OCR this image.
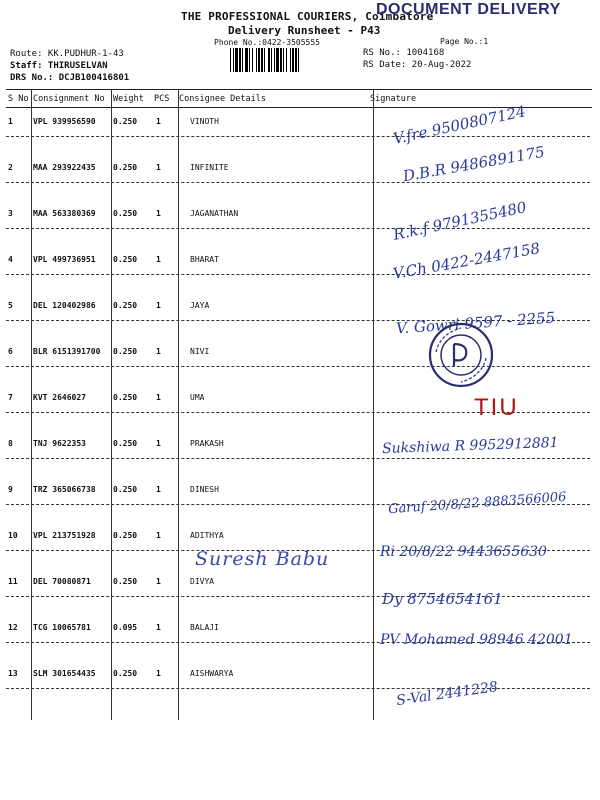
THE PROFESSIONAL COURIERS, Coimbatore
DOCUMENT DELIVERY
Delivery Runsheet - P43
Phone No.:0422-3505555	Page No.:1
Route: KK.PUDHUR-1-43
Staff: THIRUSELVAN
DRS No.: DCJB100416801
RS No.: 1004168
RS Date: 20-Aug-2022
S No Consignment No Weight PCS Consignee Details	Signature
1	VPL 939956590 0.250 1	VINOTH
2	MAA 293922435 0.250 1	INFINITE
3	MAA 563380369 0.250 1	JAGANATHAN
4	VPL 499736951 0.250 1	BHARAT
5	DEL 120402986 0.250 1	JAYA
6	BLR 6151391700 0.250 1	NIVI
7	KVT 2646027	0.250 1	UMA
8	TNJ 9622353	0.250 1	PRAKASH
9	TRZ 365066738 0.250 1	DINESH
10 VPL 213751928 0.250 1	ADITHYA
11 DEL 70080871	0.250 1	DIVYA
12 TCG 10065781	0.095 1	BALAJI
13 SLM 301654435 0.250 1	AISHWARYA
V.fre 9500807124
D.B.R 9486891175
R.k.f 9791355480
V.Ch 0422-2447158
V. Gowri 9597 - 2255
TIU
Sukshiwa R 9952912881
Garuf 20/8/22 8883566006
Ri 20/8/22 9443655630
Dy 8754654161
PV Mohamed 98946 42001
S-Val 2441228
Suresh Babu
